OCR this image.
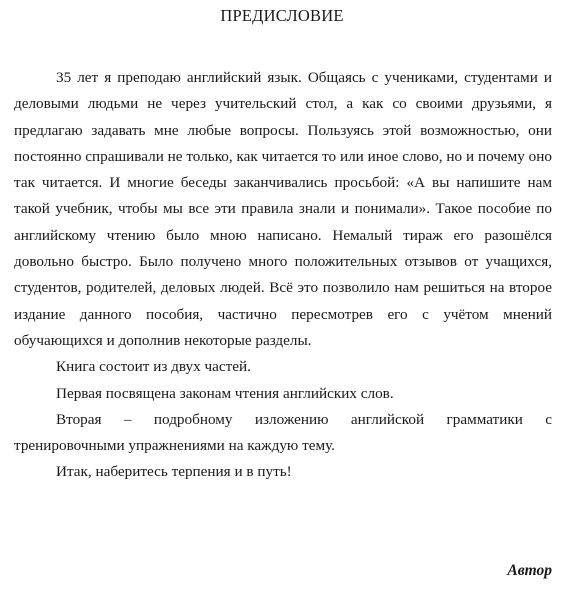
ПРЕДИСЛОВИЕ

35 лет я преподаю английский язык. Общаясь с учениками, студентами и деловыми людьми не через учительский стол, а как со своими друзьями, я предлагаю задавать мне любые вопросы. Пользуясь этой возможностью, они постоянно спрашивали не только, как читается то или иное слово, но и почему оно так читается. И многие беседы заканчивались просьбой: «А вы напишите нам такой учебник, чтобы мы все эти правила знали и понимали». Такое пособие по английскому чтению было мною написано. Немалый тираж его разошёлся довольно быстро. Было получено много положительных отзывов от учащихся, студентов, родителей, деловых людей. Всё это позволило нам решиться на второе издание данного пособия, частично пересмотрев его с учётом мнений обучающихся и дополнив некоторые разделы.

Книга состоит из двух частей.

Первая посвящена законам чтения английских слов.

Вторая – подробному изложению английской грамматики с тренировочными упражнениями на каждую тему.

Итак, наберитесь терпения и в путь!

Автор
